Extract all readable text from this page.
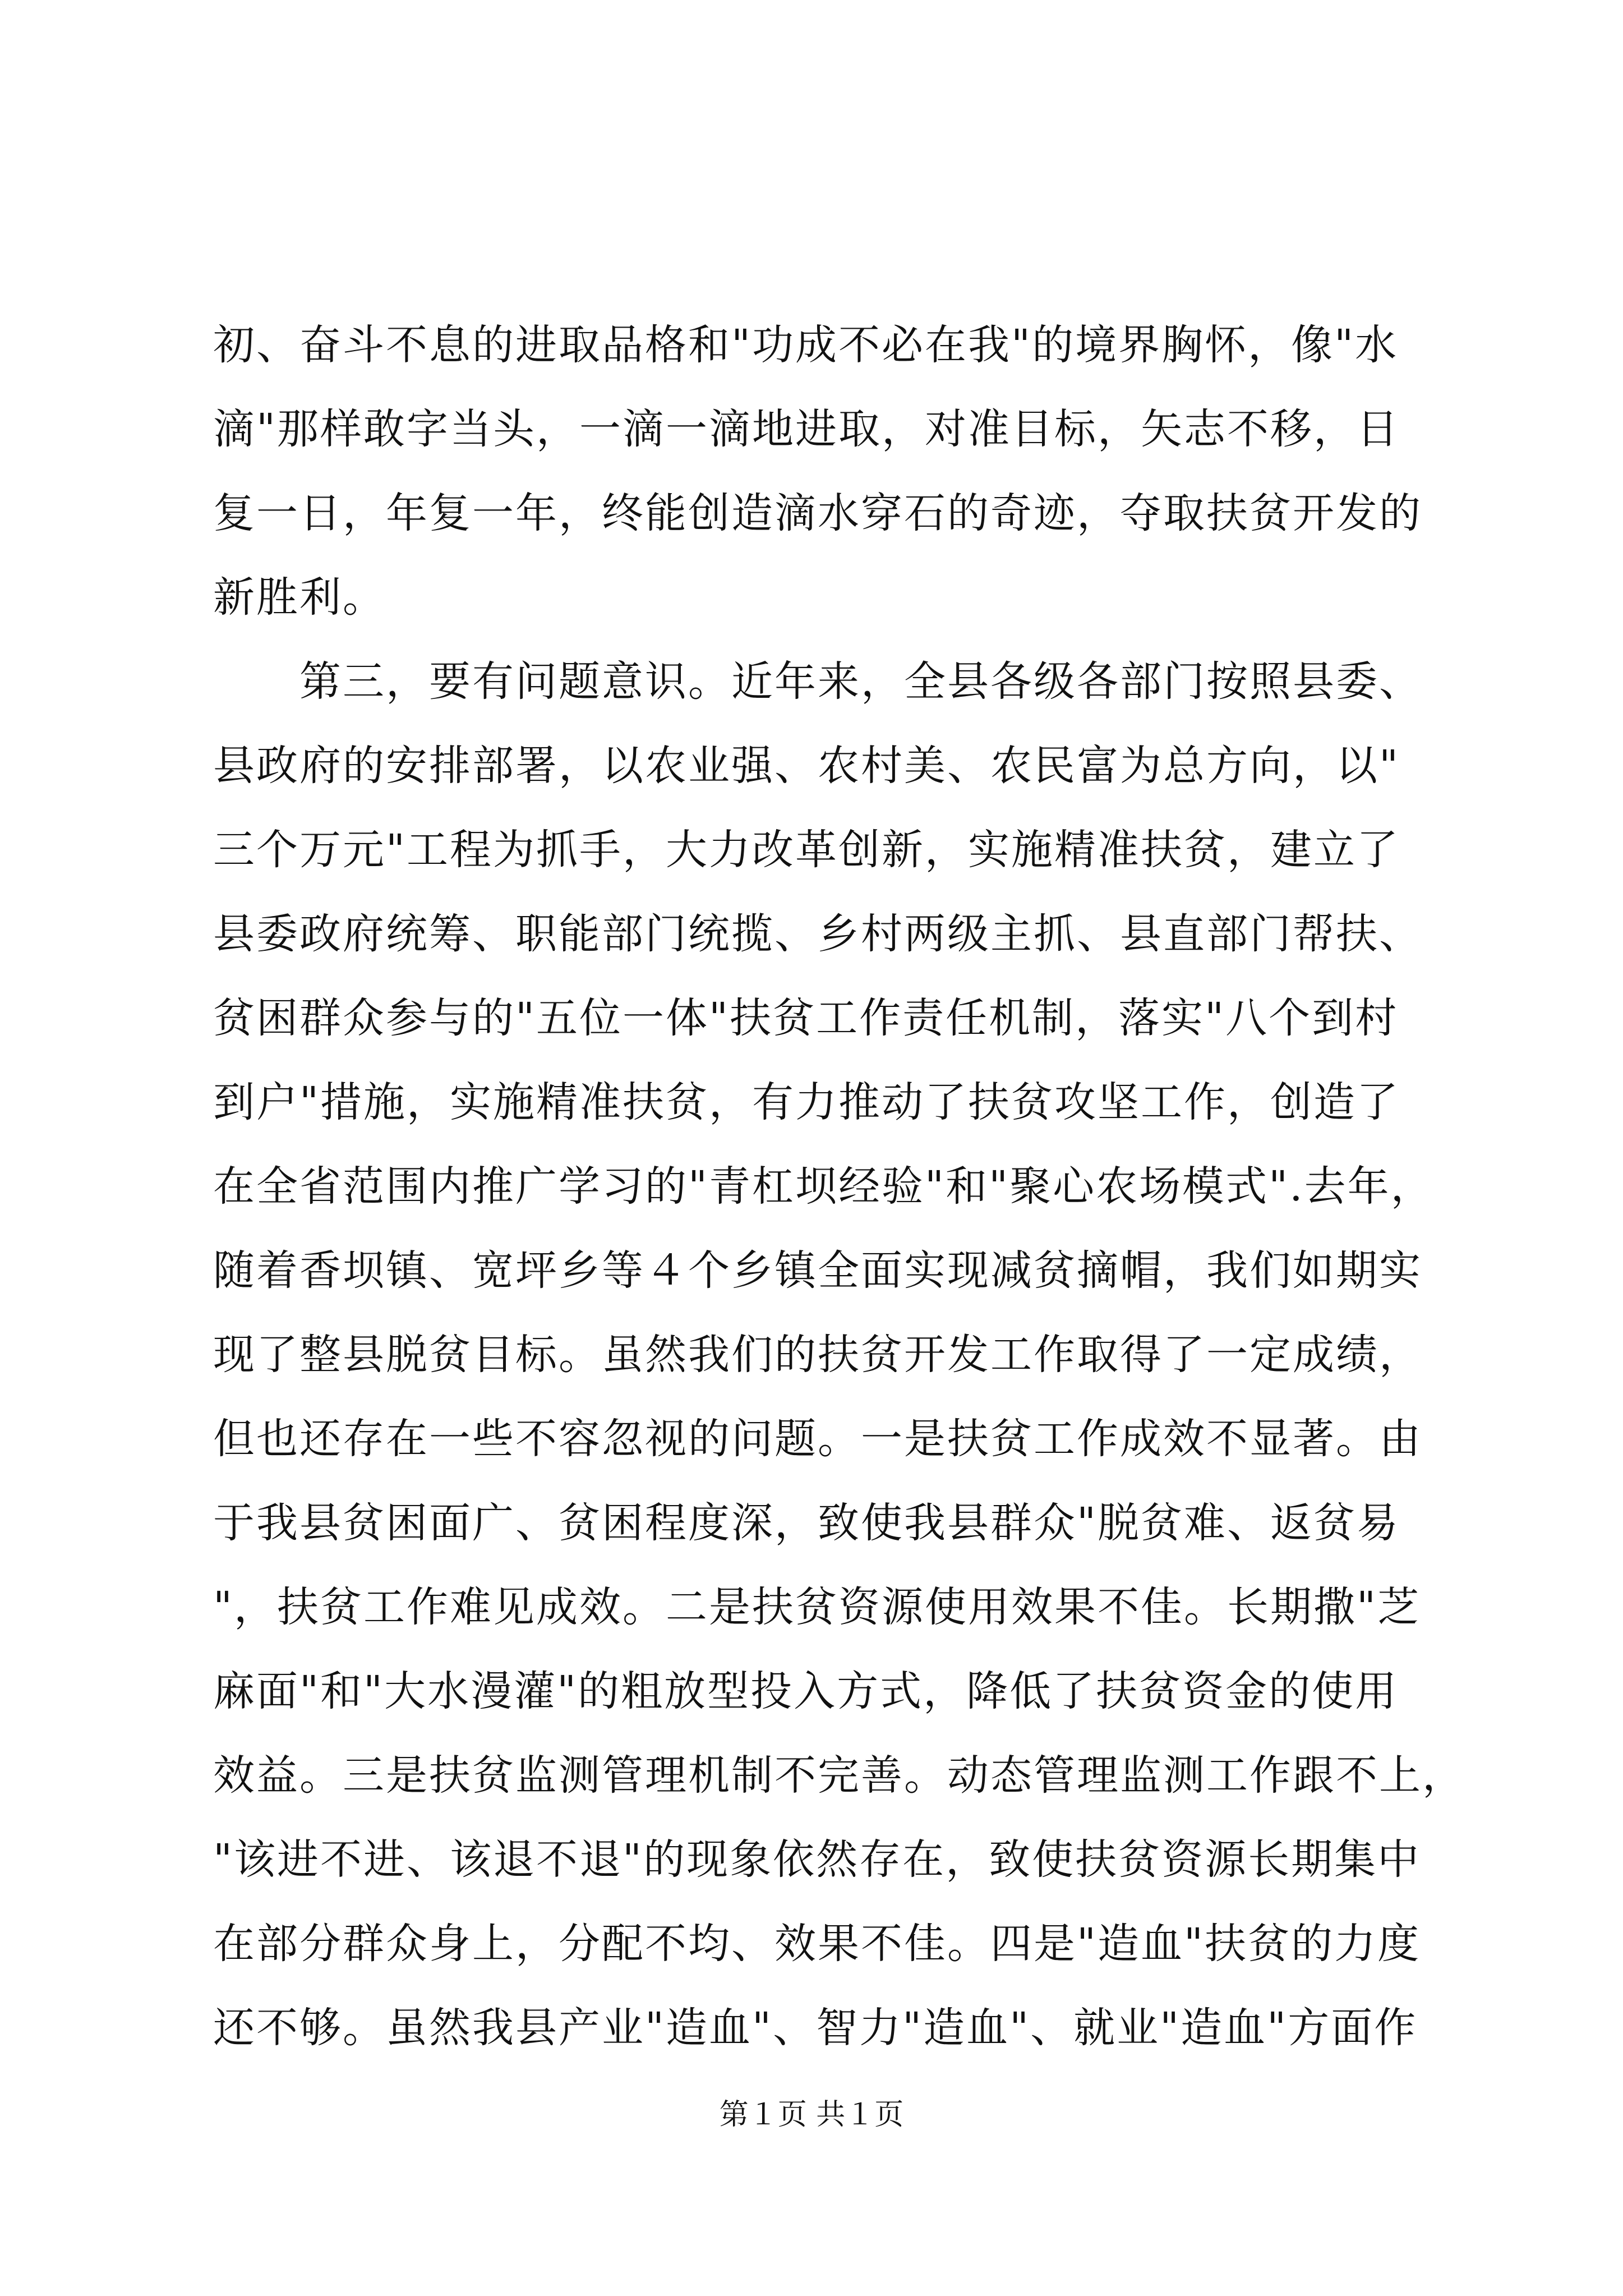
初、奋斗不息的进取品格和"功成不必在我"的境界胸怀，像"水
滴"那样敢字当头，一滴一滴地进取，对准目标，矢志不移，日
复一日，年复一年，终能创造滴水穿石的奇迹，夺取扶贫开发的
新胜利。
　　第三，要有问题意识。近年来，全县各级各部门按照县委、
县政府的安排部署，以农业强、农村美、农民富为总方向，以"
三个万元"工程为抓手，大力改革创新，实施精准扶贫，建立了
县委政府统筹、职能部门统揽、乡村两级主抓、县直部门帮扶、
贫困群众参与的"五位一体"扶贫工作责任机制，落实"八个到村
到户"措施，实施精准扶贫，有力推动了扶贫攻坚工作，创造了
在全省范围内推广学习的"青杠坝经验"和"聚心农场模式".去年，
随着香坝镇、宽坪乡等４个乡镇全面实现减贫摘帽，我们如期实
现了整县脱贫目标。虽然我们的扶贫开发工作取得了一定成绩，
但也还存在一些不容忽视的问题。一是扶贫工作成效不显著。由
于我县贫困面广、贫困程度深，致使我县群众"脱贫难、返贫易
"，扶贫工作难见成效。二是扶贫资源使用效果不佳。长期撒"芝
麻面"和"大水漫灌"的粗放型投入方式，降低了扶贫资金的使用
效益。三是扶贫监测管理机制不完善。动态管理监测工作跟不上，
"该进不进、该退不退"的现象依然存在，致使扶贫资源长期集中
在部分群众身上，分配不均、效果不佳。四是"造血"扶贫的力度
还不够。虽然我县产业"造血"、智力"造血"、就业"造血"方面作
第１页 共１页
